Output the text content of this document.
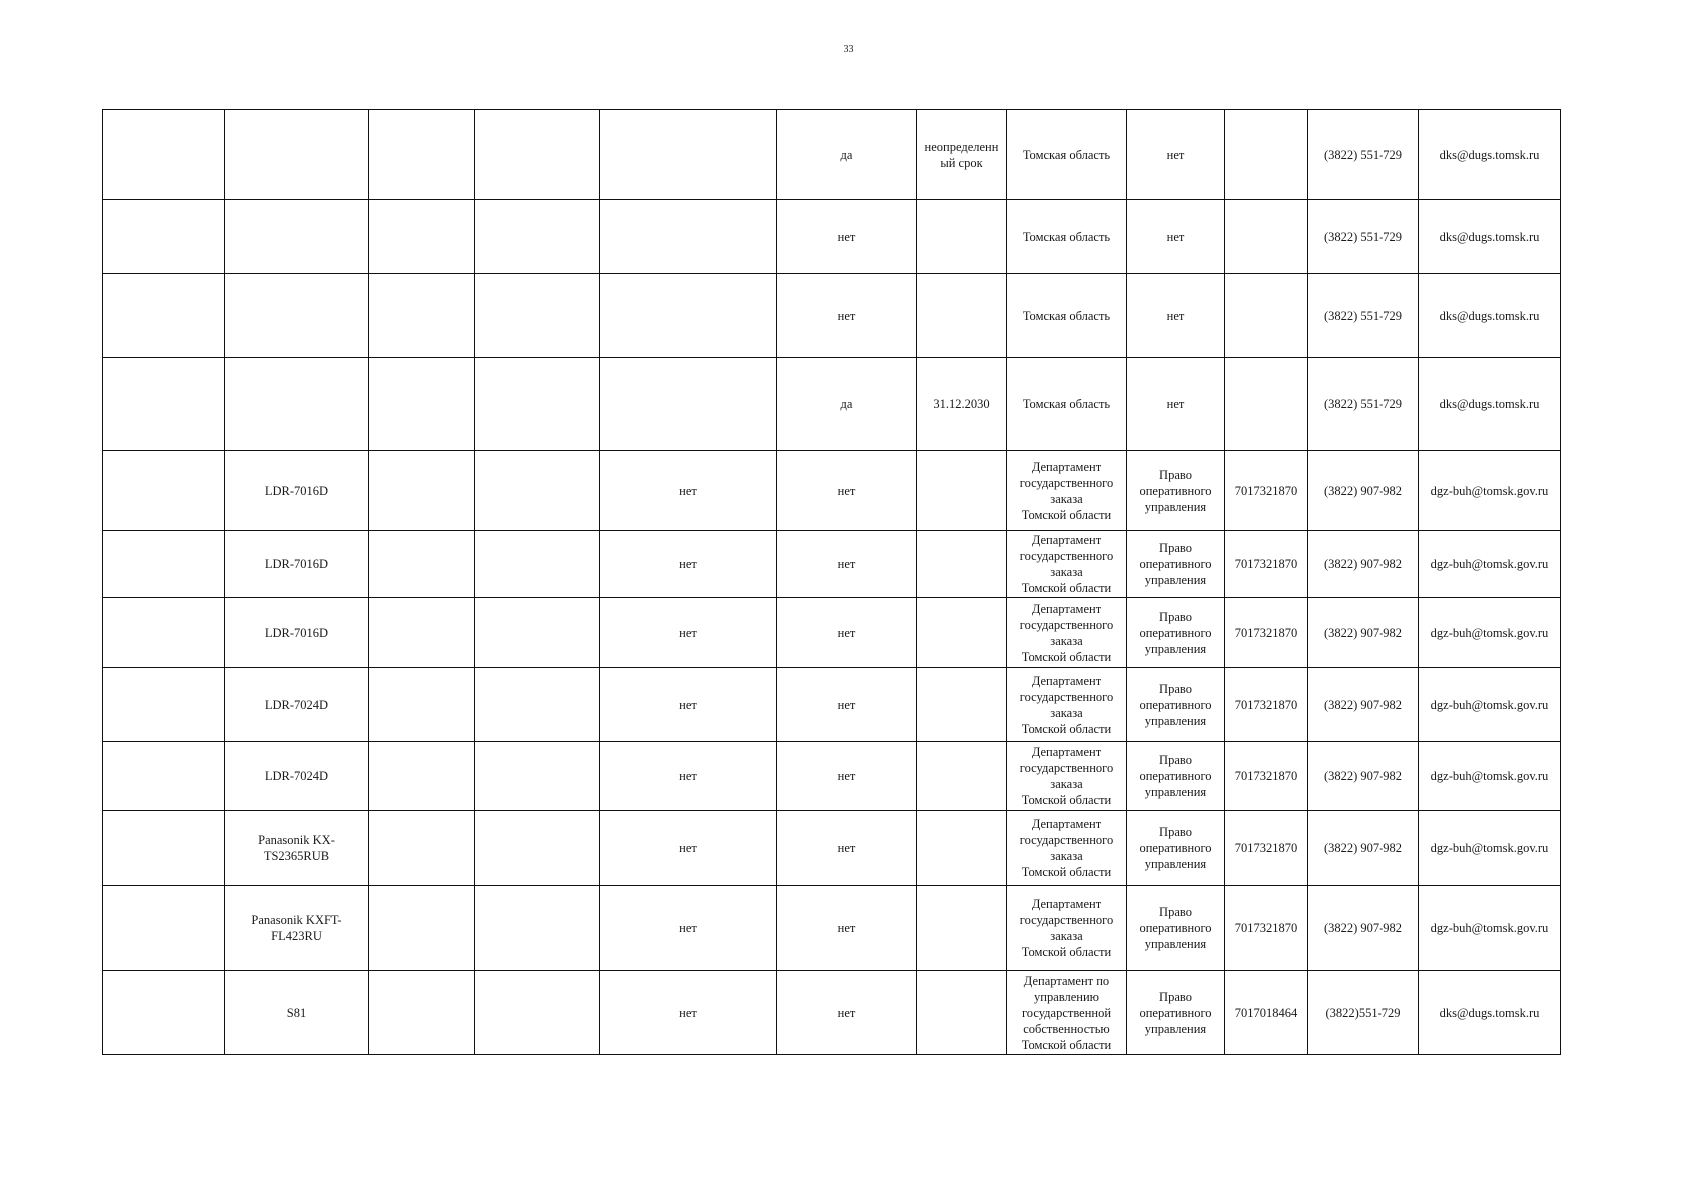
33
					да	неопределенн
ый срок	Томская область	нет		(3822) 551-729	dks@dugs.tomsk.ru
					нет		Томская область	нет		(3822) 551-729	dks@dugs.tomsk.ru
					нет		Томская область	нет		(3822) 551-729	dks@dugs.tomsk.ru
					да	31.12.2030	Томская область	нет		(3822) 551-729	dks@dugs.tomsk.ru
	LDR-7016D			нет	нет		Департамент
государственного
заказа
Томской области	Право
оперативного
управления	7017321870	(3822) 907-982	dgz-buh@tomsk.gov.ru
	LDR-7016D			нет	нет		Департамент
государственного
заказа
Томской области	Право
оперативного
управления	7017321870	(3822) 907-982	dgz-buh@tomsk.gov.ru
	LDR-7016D			нет	нет		Департамент
государственного
заказа
Томской области	Право
оперативного
управления	7017321870	(3822) 907-982	dgz-buh@tomsk.gov.ru
	LDR-7024D			нет	нет		Департамент
государственного
заказа
Томской области	Право
оперативного
управления	7017321870	(3822) 907-982	dgz-buh@tomsk.gov.ru
	LDR-7024D			нет	нет		Департамент
государственного
заказа
Томской области	Право
оперативного
управления	7017321870	(3822) 907-982	dgz-buh@tomsk.gov.ru
	Panasonik KX-
TS2365RUB			нет	нет		Департамент
государственного
заказа
Томской области	Право
оперативного
управления	7017321870	(3822) 907-982	dgz-buh@tomsk.gov.ru
	Panasonik KXFT-
FL423RU			нет	нет		Департамент
государственного
заказа
Томской области	Право
оперативного
управления	7017321870	(3822) 907-982	dgz-buh@tomsk.gov.ru
	S81			нет	нет		Департамент по
управлению
государственной
собственностью
Томской области	Право
оперативного
управления	7017018464	(3822)551-729	dks@dugs.tomsk.ru
